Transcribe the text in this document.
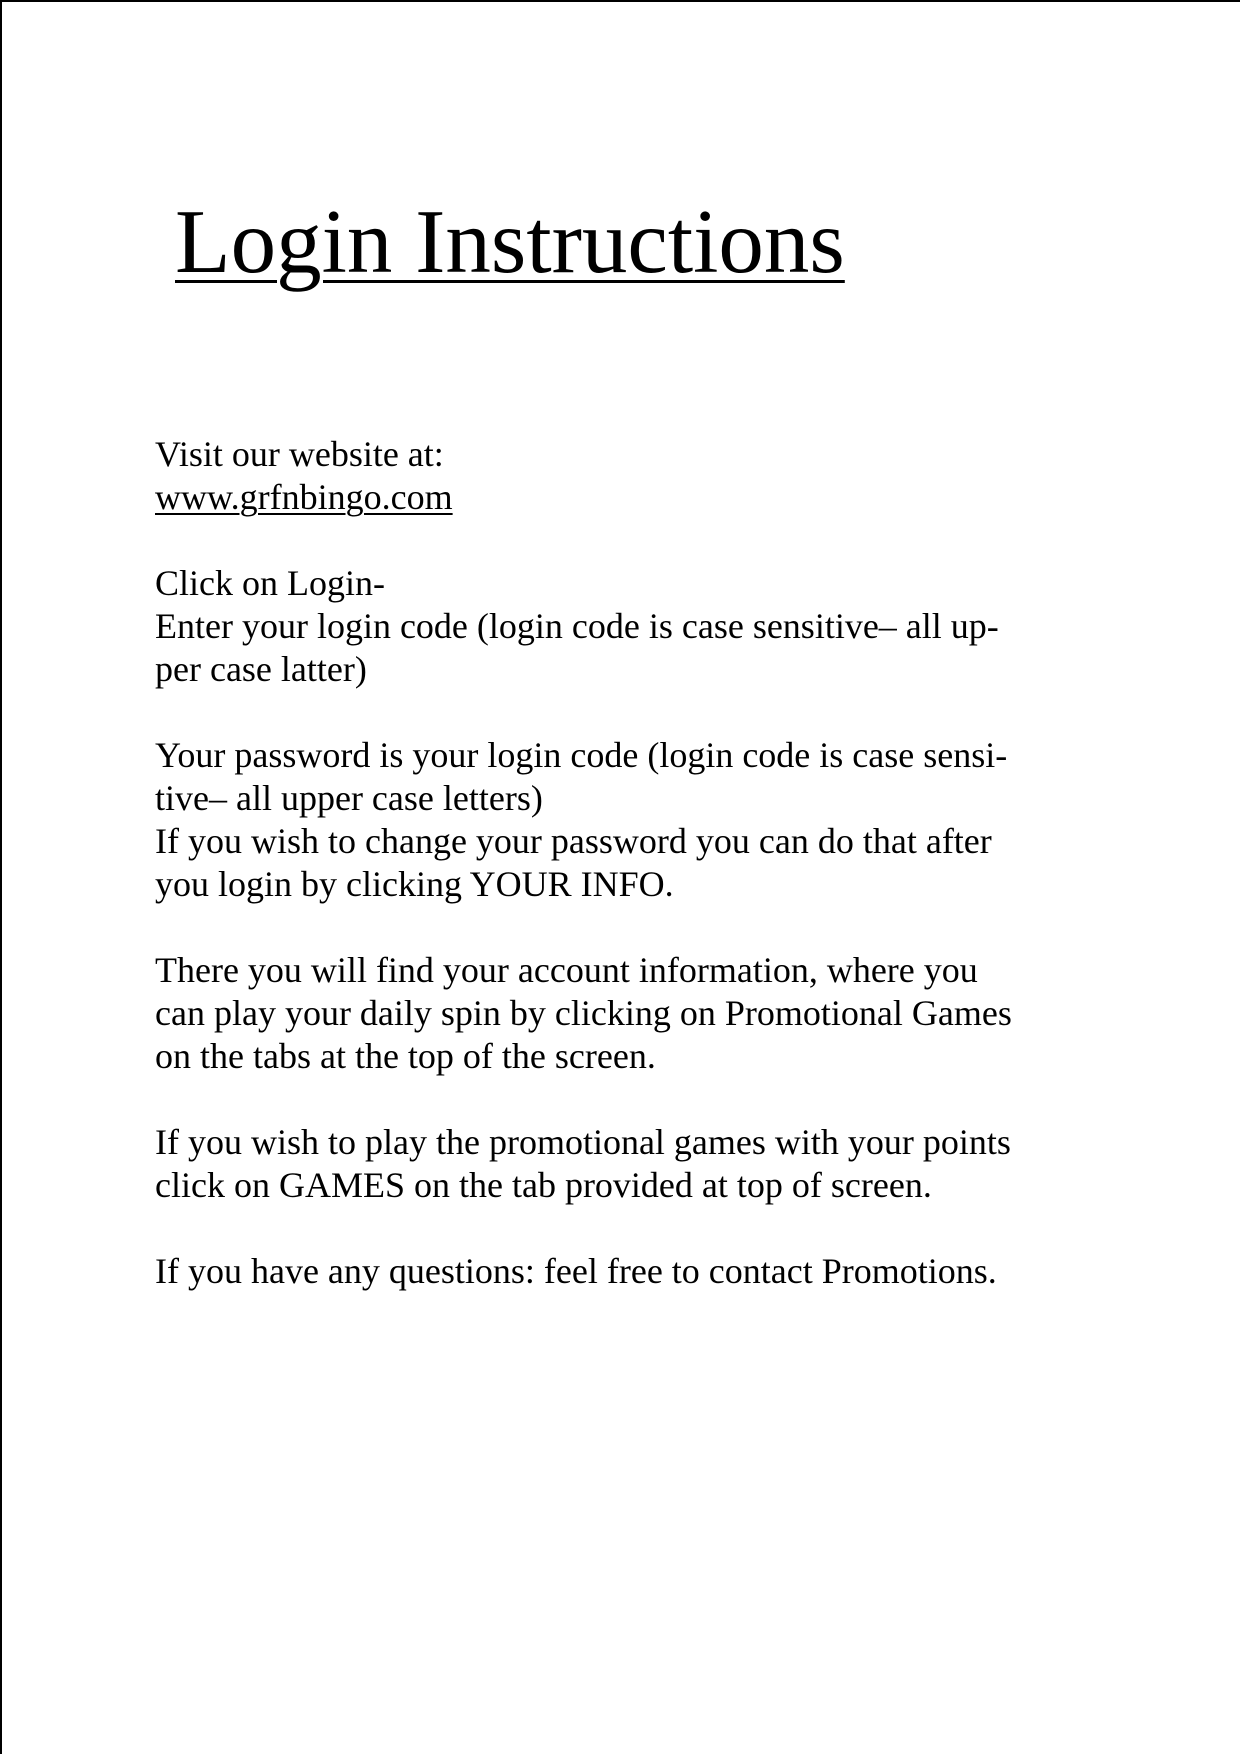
Login Instructions
Visit our website at:
www.grfnbingo.com
Click on Login-
Enter your login code (login code is case sensitive– all up-
per case latter)
Your password is your login code (login code is case sensi-
tive– all upper case letters)
If you wish to change your password you can do that after
you login by clicking YOUR INFO.
There you will find your account information, where you
can play your daily spin by clicking on Promotional Games
on the tabs at the top of the screen.
If you wish to play the promotional games with your points
click on GAMES on the tab provided at top of screen.
If you have any questions: feel free to contact Promotions.
